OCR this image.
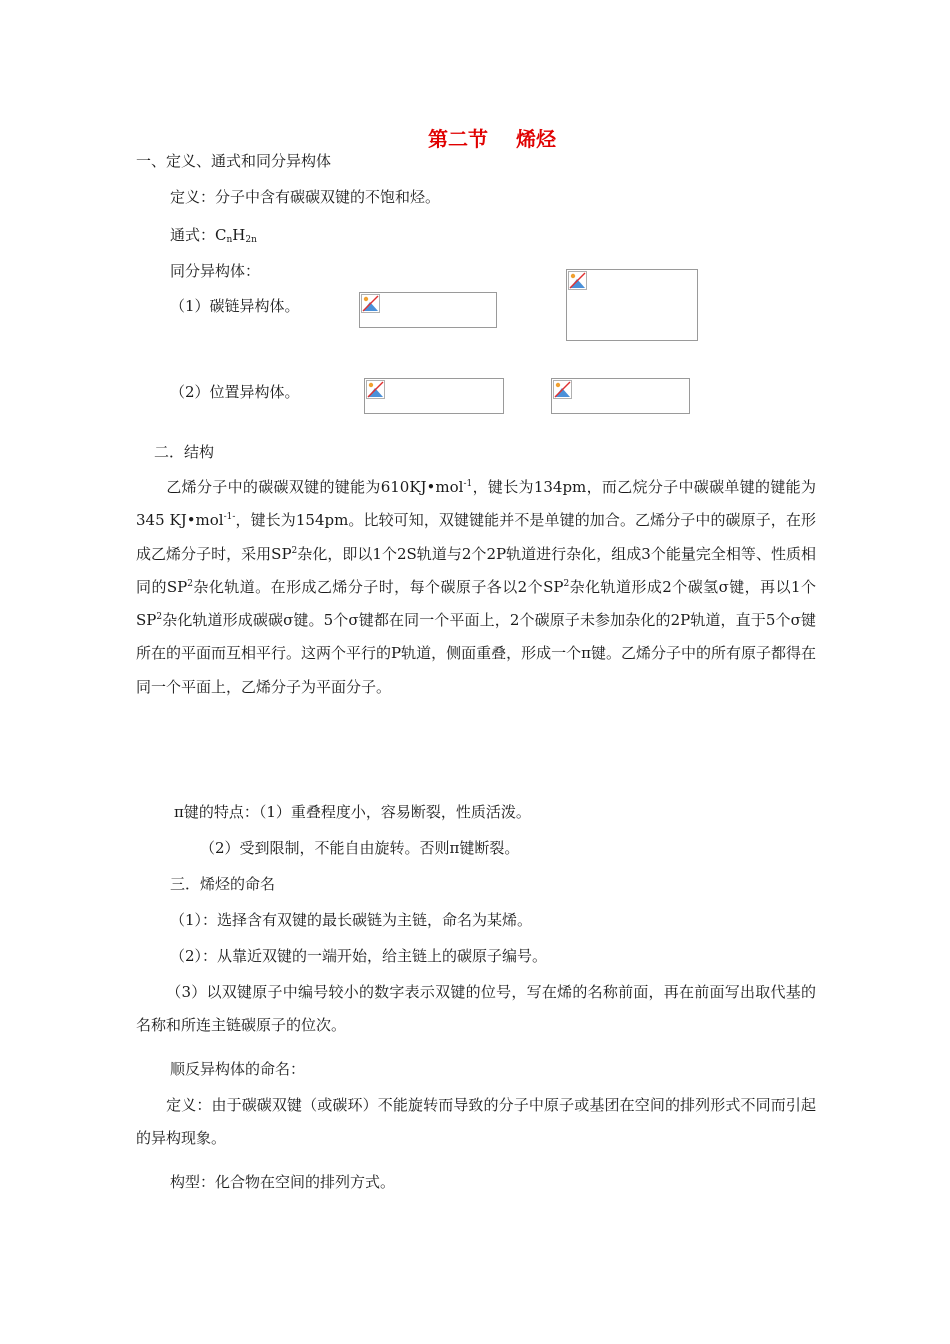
第二节 烯烃
一、定义、通式和同分异构体
定义：分子中含有碳碳双键的不饱和烃。
通式：$C_nH_{2n}$
同分异构体：
（1）碳链异构体。
（2）位置异构体。
二．结构
乙烯分子中的碳碳双键的键能为610KJ•mol$^{-1}$，键长为134pm，而乙烷分子中碳碳单键的键能为345 KJ•mol$^{-1-}$，键长为154pm。比较可知，双键键能并不是单键的加合。乙烯分子中的碳原子，在形成乙烯分子时，采用$SP^2$杂化，即以1个2S轨道与2个2P轨道进行杂化，组成3个能量完全相等、性质相同的$SP^2$杂化轨道。在形成乙烯分子时，每个碳原子各以2个$SP^2$杂化轨道形成2个碳氢σ键，再以1个$SP^2$杂化轨道形成碳碳σ键。5个σ键都在同一个平面上，2个碳原子未参加杂化的2P轨道，直于5个σ键所在的平面而互相平行。这两个平行的P轨道，侧面重叠，形成一个π键。乙烯分子中的所有原子都得在同一个平面上，乙烯分子为平面分子。
π键的特点：（1）重叠程度小，容易断裂，性质活泼。
（2）受到限制，不能自由旋转。否则π键断裂。
三．烯烃的命名
（1）：选择含有双键的最长碳链为主链，命名为某烯。
（2）：从靠近双键的一端开始，给主链上的碳原子编号。
（3）以双键原子中编号较小的数字表示双键的位号，写在烯的名称前面，再在前面写出取代基的名称和所连主链碳原子的位次。
顺反异构体的命名：
定义：由于碳碳双键（或碳环）不能旋转而导致的分子中原子或基团在空间的排列形式不同而引起的异构现象。
构型：化合物在空间的排列方式。
